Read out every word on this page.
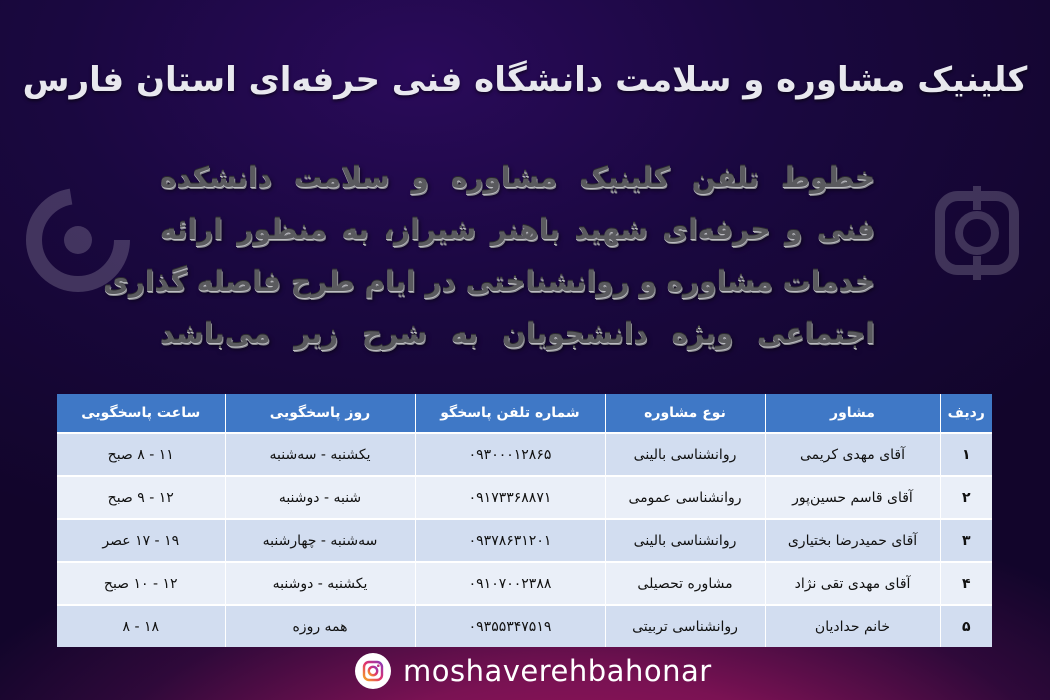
کلینیک مشاوره و سلامت دانشگاه فنی حرفه‌ای استان فارس
خطوط تلفن کلینیک مشاوره و سلامت دانشکده
فنی و حرفه‌ای شهید باهنر شیراز، به منظور ارائه
خدمات مشاوره و روانشناختی در ایام طرح فاصله گذاری
اجتماعی ویژه دانشجویان به شرح زیر می‌باشد
ردیف	مشاور	نوع مشاوره	شماره تلفن پاسخگو	روز پاسخگویی	ساعت پاسخگویی
۱	آقای مهدی کریمی	روانشناسی بالینی	۰۹۳۰۰۰۱۲۸۶۵	یکشنبه - سه‌شنبه	۱۱ - ۸ صبح
۲	آقای قاسم حسین‌پور	روانشناسی عمومی	۰۹۱۷۳۳۶۸۸۷۱	شنبه - دوشنبه	۱۲ - ۹ صبح
۳	آقای حمیدرضا بختیاری	روانشناسی بالینی	۰۹۳۷۸۶۳۱۲۰۱	سه‌شنبه - چهارشنبه	۱۹ - ۱۷ عصر
۴	آقای مهدی تقی نژاد	مشاوره تحصیلی	۰۹۱۰۷۰۰۲۳۸۸	یکشنبه - دوشنبه	۱۲ - ۱۰ صبح
۵	خانم حدادیان	روانشناسی تربیتی	۰۹۳۵۵۳۴۷۵۱۹	همه روزه	۱۸ - ۸
moshaverehbahonar
